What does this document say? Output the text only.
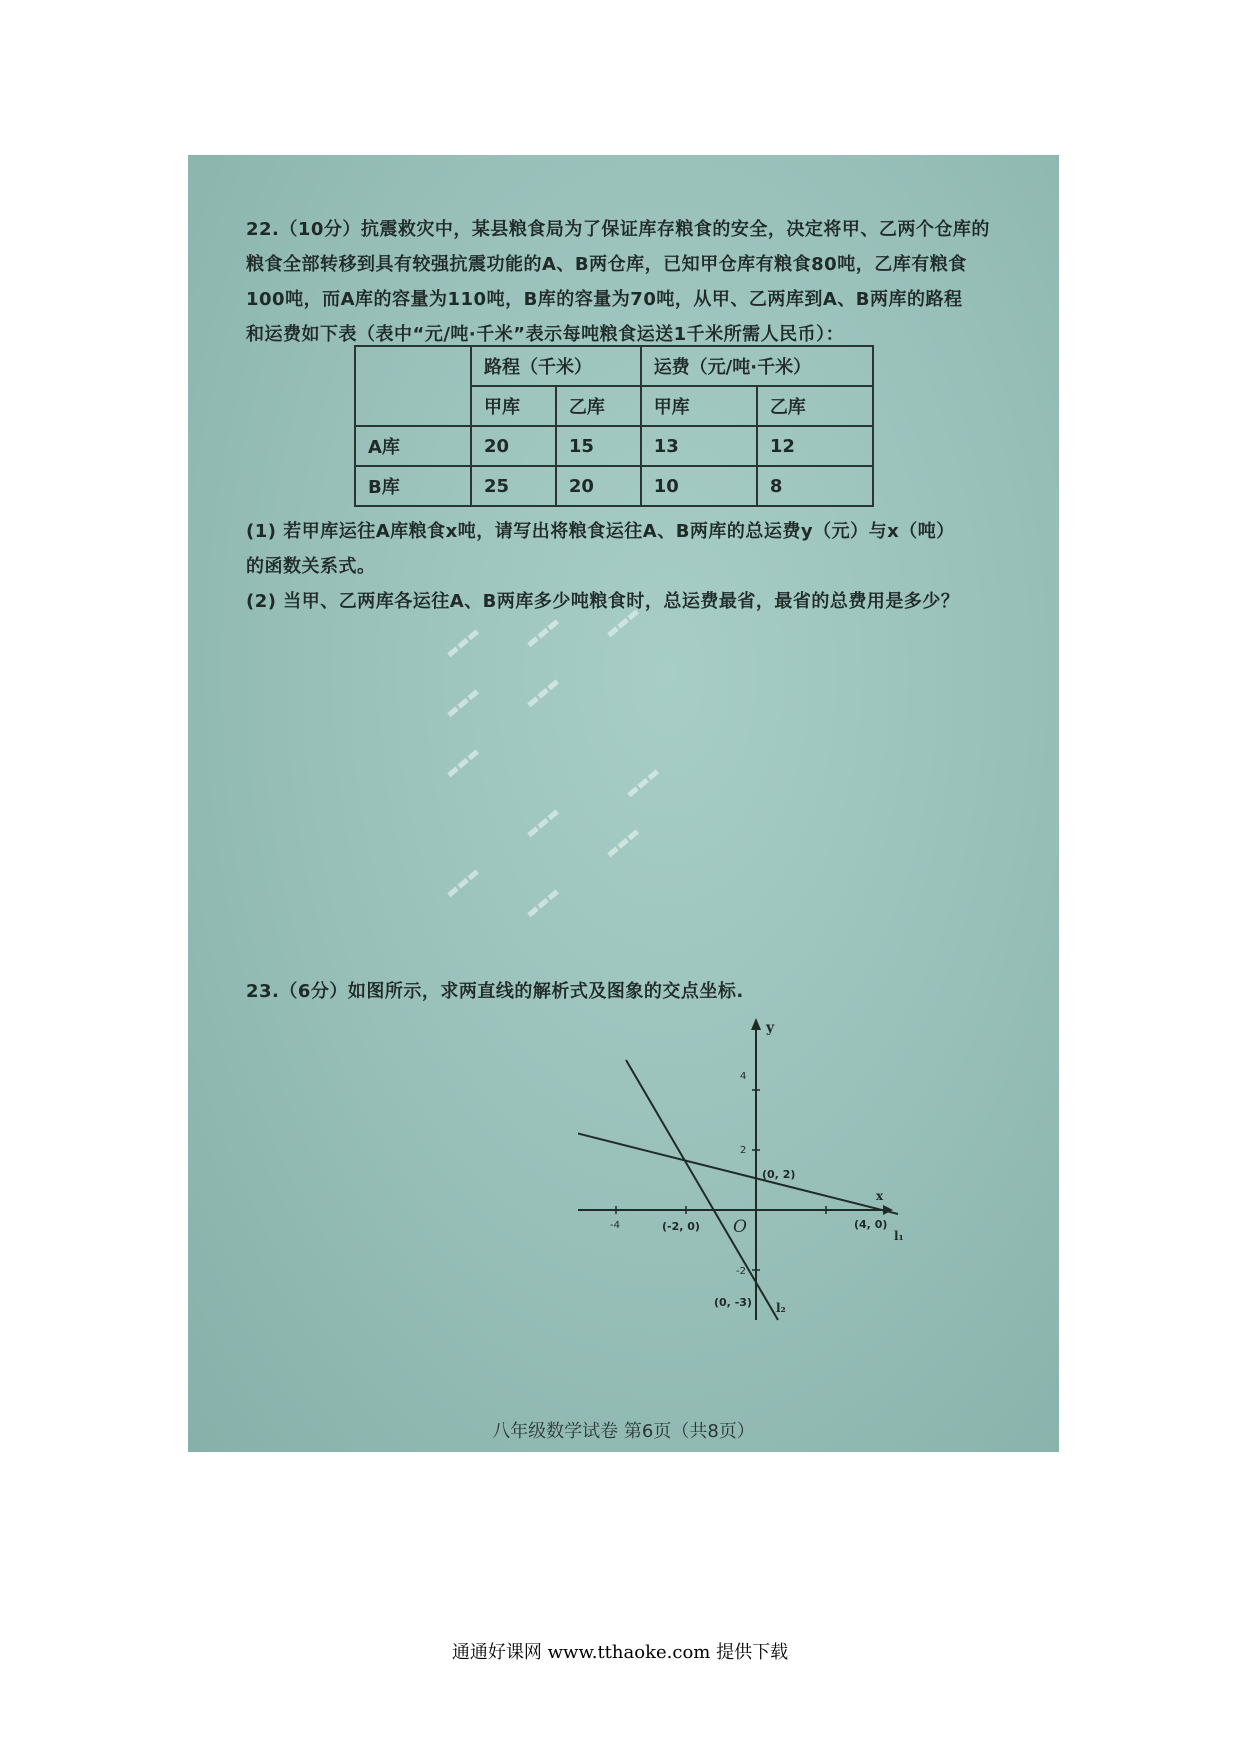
22.（10分）抗震救灾中，某县粮食局为了保证库存粮食的安全，决定将甲、乙两个仓库的
粮食全部转移到具有较强抗震功能的A、B两仓库，已知甲仓库有粮食80吨，乙库有粮食
100吨，而A库的容量为110吨，B库的容量为70吨，从甲、乙两库到A、B两库的路程
和运费如下表（表中“元/吨·千米”表示每吨粮食运送1千米所需人民币）：
	路程（千米）		运费（元/吨·千米）	
	甲库	乙库	甲库	乙库
A库	20	15	13	12
B库	25	20	10	8
(1) 若甲库运往A库粮食x吨，请写出将粮食运往A、B两库的总运费y（元）与x（吨）
的函数关系式。
(2) 当甲、乙两库各运往A、B两库多少吨粮食时，总运费最省，最省的总费用是多少？
▬▬▬	▬▬▬	▬▬▬
▬▬▬	▬▬▬
▬▬▬
▬▬▬
▬▬▬
▬▬▬
▬▬▬
▬▬▬
23.（6分）如图所示，求两直线的解析式及图象的交点坐标.
y
x
4
2
-2
-4	O
(0, 2)
(-2, 0)	(4, 0)
(0, -3)
l₁
l₂
八年级数学试卷 第6页（共8页）
通通好课网 www.tthaoke.com 提供下载
